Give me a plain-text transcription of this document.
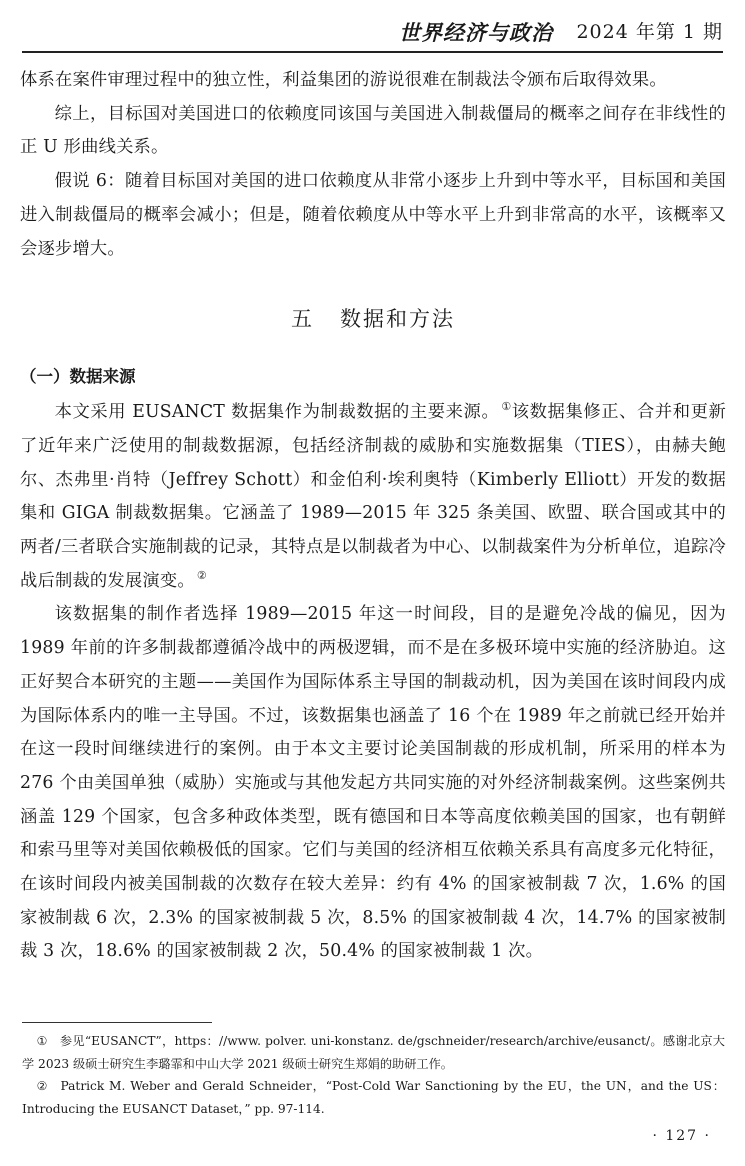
世界经济与政治 2024 年第 1 期

体系在案件审理过程中的独立性，利益集团的游说很难在制裁法令颁布后取得效果。

综上，目标国对美国进口的依赖度同该国与美国进入制裁僵局的概率之间存在非线性的正 U 形曲线关系。

假说 6：随着目标国对美国的进口依赖度从非常小逐步上升到中等水平，目标国和美国进入制裁僵局的概率会减小；但是，随着依赖度从中等水平上升到非常高的水平，该概率又会逐步增大。

五 数据和方法
（一）数据来源

本文采用 EUSANCT 数据集作为制裁数据的主要来源。 ①该数据集修正、合并和更新了近年来广泛使用的制裁数据源，包括经济制裁的威胁和实施数据集（TIES），由赫夫鲍尔、杰弗里·肖特（Jeffrey Schott）和金伯利·埃利奥特（Kimberly Elliott）开发的数据集和 GIGA 制裁数据集。它涵盖了 1989—2015 年 325 条美国、欧盟、联合国或其中的两者/三者联合实施制裁的记录，其特点是以制裁者为中心、以制裁案件为分析单位，追踪冷战后制裁的发展演变。 ②

该数据集的制作者选择 1989—2015 年这一时间段，目的是避免冷战的偏见，因为 1989 年前的许多制裁都遵循冷战中的两极逻辑，而不是在多极环境中实施的经济胁迫。这正好契合本研究的主题——美国作为国际体系主导国的制裁动机，因为美国在该时间段内成为国际体系内的唯一主导国。不过，该数据集也涵盖了 16 个在 1989 年之前就已经开始并在这一段时间继续进行的案例。由于本文主要讨论美国制裁的形成机制，所采用的样本为 276 个由美国单独（威胁）实施或与其他发起方共同实施的对外经济制裁案例。这些案例共涵盖 129 个国家，包含多种政体类型，既有德国和日本等高度依赖美国的国家，也有朝鲜和索马里等对美国依赖极低的国家。它们与美国的经济相互依赖关系具有高度多元化特征，在该时间段内被美国制裁的次数存在较大差异：约有 4% 的国家被制裁 7 次，1.6% 的国家被制裁 6 次，2.3% 的国家被制裁 5 次，8.5% 的国家被制裁 4 次，14.7% 的国家被制裁 3 次，18.6% 的国家被制裁 2 次，50.4% 的国家被制裁 1 次。

① 参见“EUSANCT”，https：//www. polver. uni-konstanz. de/gschneider/research/archive/eusanct/。感谢北京大学 2023 级硕士研究生李璐霏和中山大学 2021 级硕士研究生郑娟的助研工作。

② Patrick M. Weber and Gerald Schneider，“Post-Cold War Sanctioning by the EU，the UN，and the US：Introducing the EUSANCT Dataset，” pp. 97-114.

· 127 ·
